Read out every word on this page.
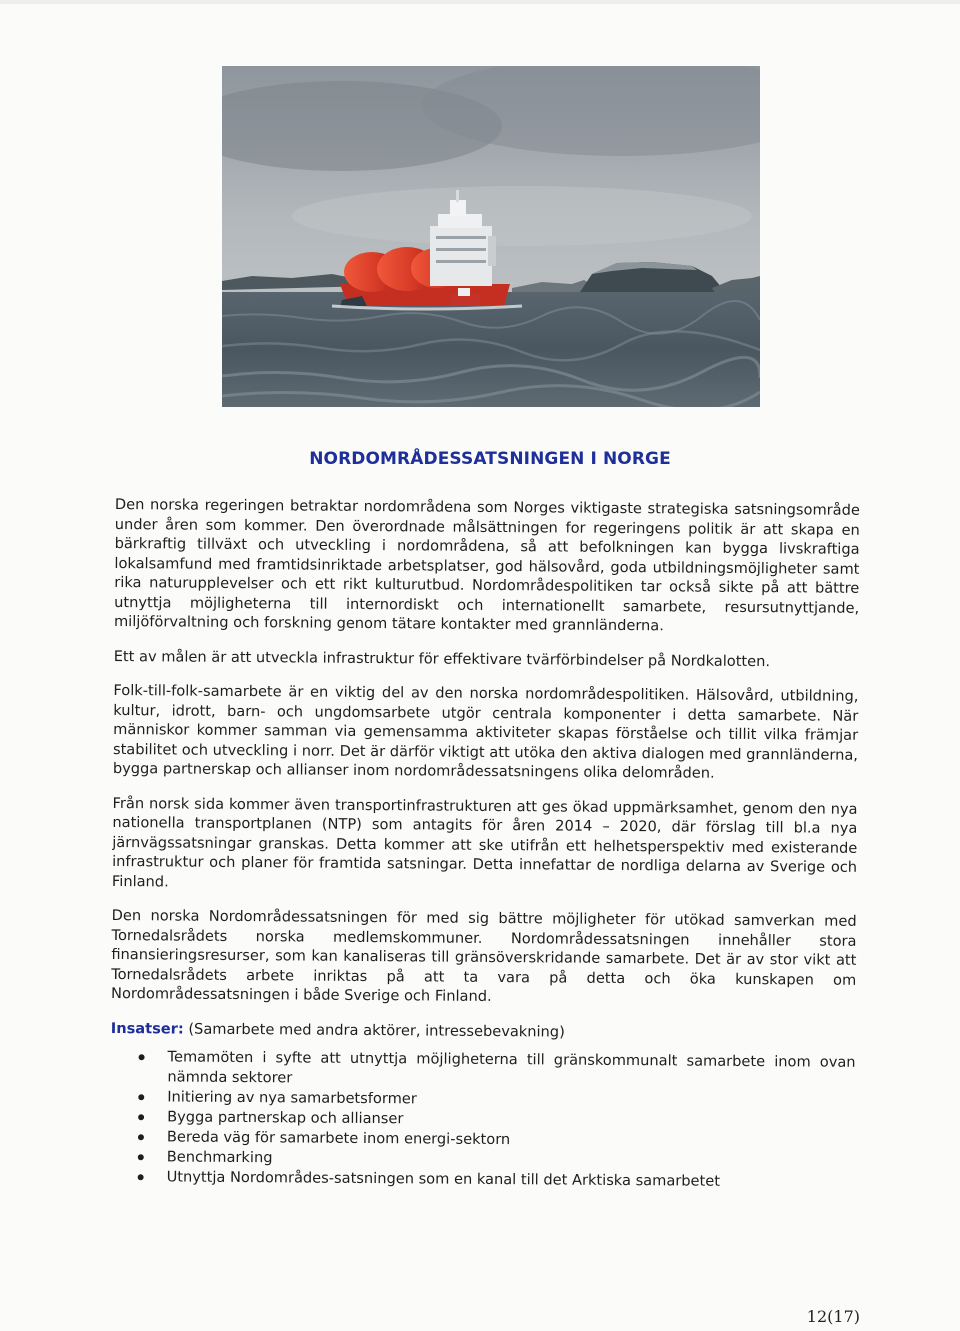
NORDOMRÅDESSATSNINGEN I NORGE

Den norska regeringen betraktar nordområdena som Norges viktigaste strategiska satsningsområde under åren som kommer. Den överordnade målsättningen for regeringens politik är att skapa en bärkraftig tillväxt och utveckling i nordområdena, så att befolkningen kan bygga livskraftiga lokalsamfund med framtidsinriktade arbetsplatser, god hälsovård, goda utbildningsmöjligheter samt rika naturupplevelser och ett rikt kulturutbud. Nordområdespolitiken tar också sikte på att bättre utnyttja möjligheterna till internordiskt och internationellt samarbete, resursutnyttjande, miljöförvaltning och forskning genom tätare kontakter med grannländerna.

Ett av målen är att utveckla infrastruktur för effektivare tvärförbindelser på Nordkalotten.

Folk-till-folk-samarbete är en viktig del av den norska nordområdespolitiken. Hälsovård, utbildning, kultur, idrott, barn- och ungdomsarbete utgör centrala komponenter i detta samarbete. När människor kommer samman via gemensamma aktiviteter skapas förståelse och tillit vilka främjar stabilitet och utveckling i norr. Det är därför viktigt att utöka den aktiva dialogen med grannländerna, bygga partnerskap och allianser inom nordområdessatsningens olika delområden.

Från norsk sida kommer även transportinfrastrukturen att ges ökad uppmärksamhet, genom den nya nationella transportplanen (NTP) som antagits för åren 2014 – 2020, där förslag till bl.a nya järnvägssatsningar granskas. Detta kommer att ske utifrån ett helhetsperspektiv med existerande infrastruktur och planer för framtida satsningar. Detta innefattar de nordliga delarna av Sverige och Finland.

Den norska Nordområdessatsningen för med sig bättre möjligheter för utökad samverkan med Tornedalsrådets norska medlemskommuner. Nordområdessatsningen innehåller stora finansieringsresurser, som kan kanaliseras till gränsöverskridande samarbete. Det är av stor vikt att Tornedalsrådets arbete inriktas på att ta vara på detta och öka kunskapen om Nordområdessatsningen i både Sverige och Finland.

Insatser: (Samarbete med andra aktörer, intressebevakning)
Temamöten i syfte att utnyttja möjligheterna till gränskommunalt samarbete inom ovan nämnda sektorer
Initiering av nya samarbetsformer
Bygga partnerskap och allianser
Bereda väg för samarbete inom energi-sektorn
Benchmarking
Utnyttja Nordområdes-satsningen som en kanal till det Arktiska samarbetet
12(17)
